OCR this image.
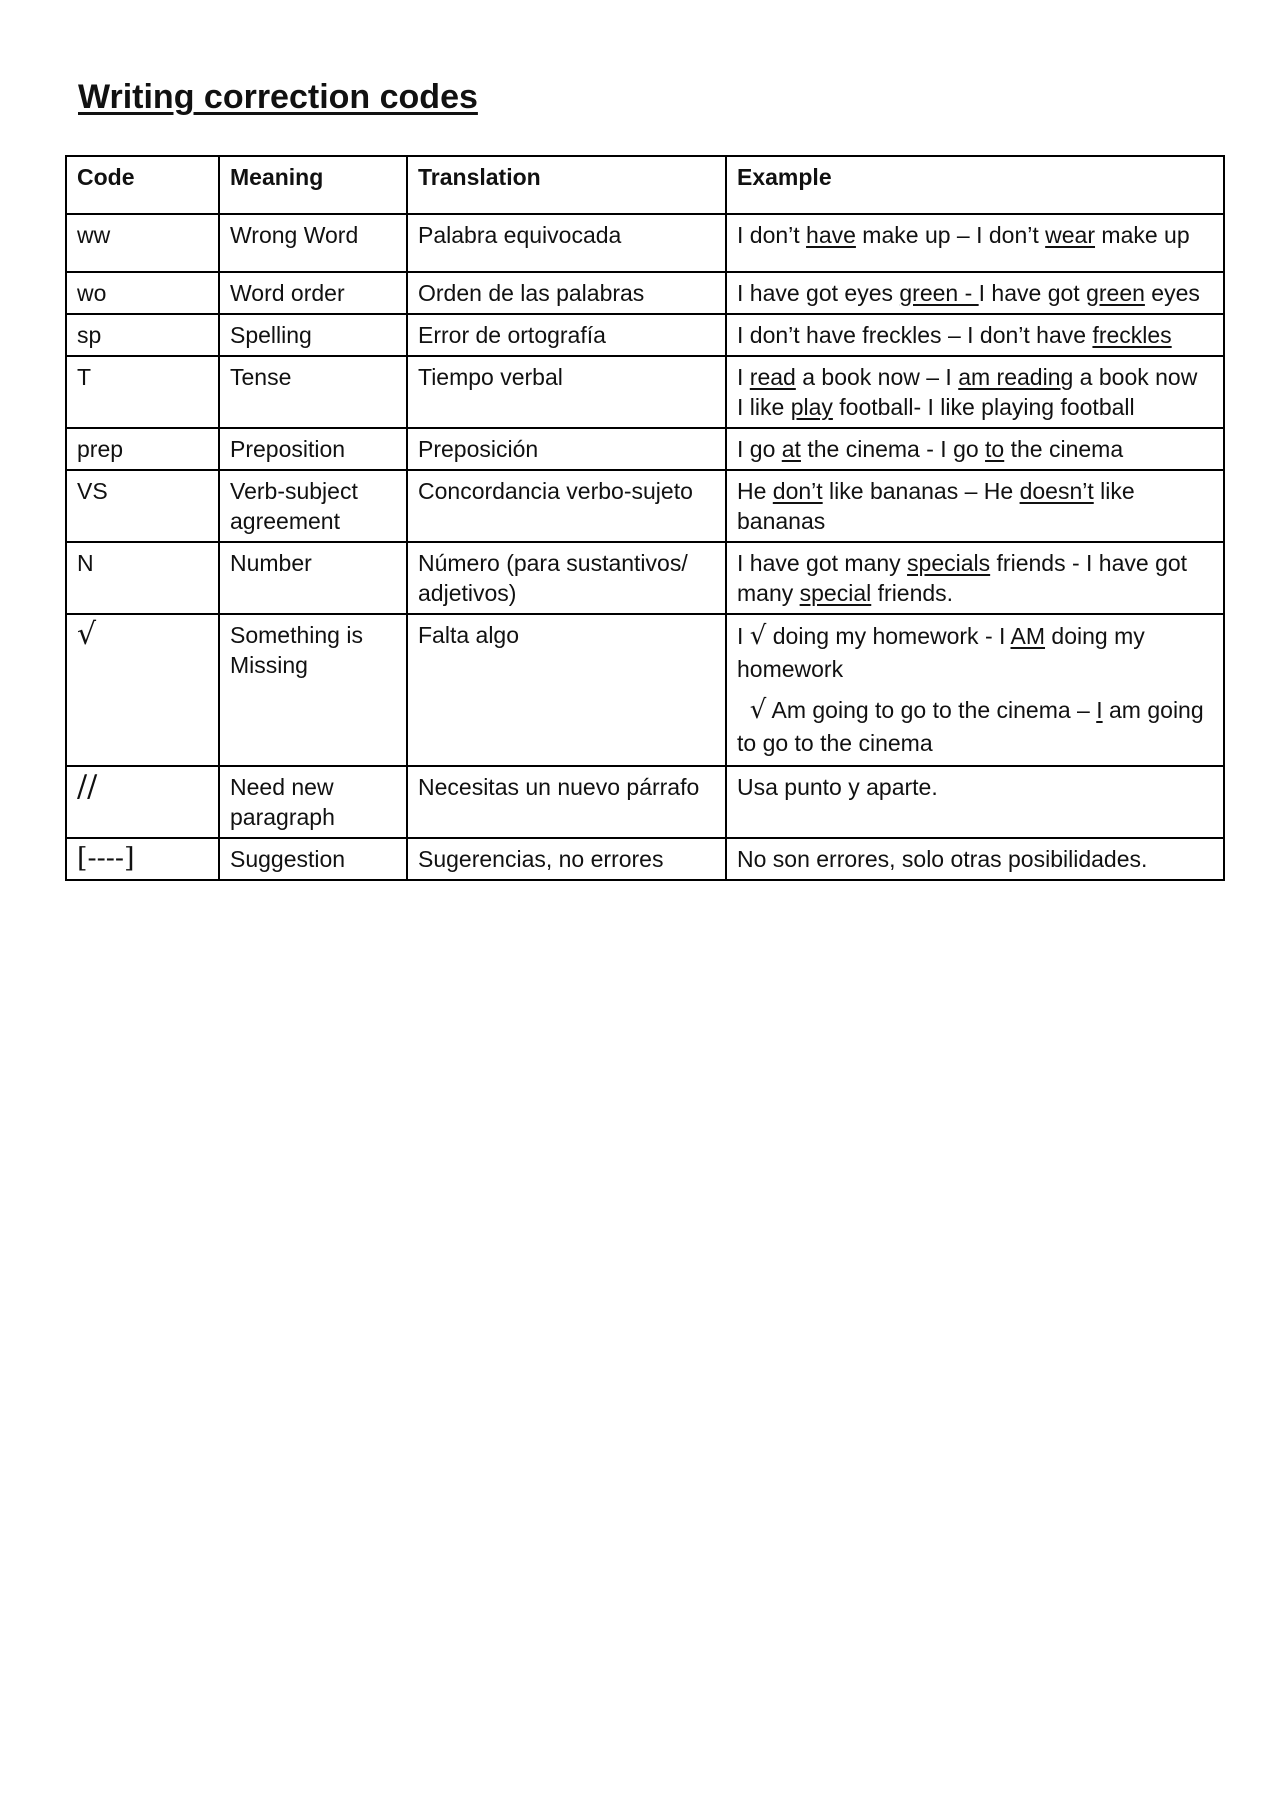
Writing correction codes
Code	Meaning	Translation	Example
ww	Wrong Word	Palabra equivocada	I don’t have make up – I don’t wear make up
wo	Word order	Orden de las palabras	I have got eyes green - I have got green eyes
sp	Spelling	Error de ortografía	I don’t have freckles – I don’t have freckles
T	Tense	Tiempo verbal	I read a book now – I am reading a book now
I like play football- I like playing football
prep	Preposition	Preposición	I go at the cinema - I go to the cinema
VS	Verb-subject agreement	Concordancia verbo-sujeto	He don’t like bananas – He doesn’t like bananas
N	Number	Número (para sustantivos/ adjetivos)	I have got many specials friends - I have got many special friends.
√	Something is Missing	Falta algo	I √ doing my homework - I AM doing my homework
√ Am going to go to the cinema – I am going to go to the cinema
//	Need new paragraph	Necesitas un nuevo párrafo	Usa punto y aparte.
[----]	Suggestion	Sugerencias, no errores	No son errores, solo otras posibilidades.
